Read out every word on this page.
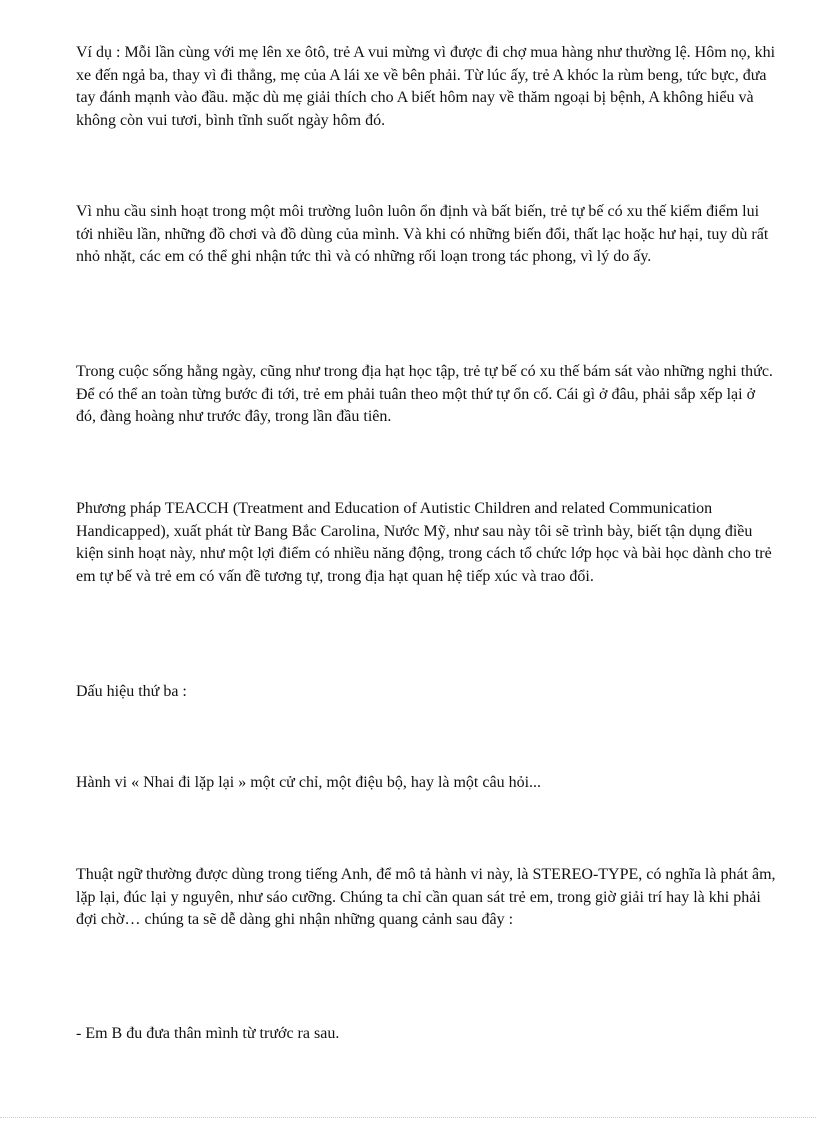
Ví dụ : Mỗi lần cùng với mẹ lên xe ôtô, trẻ A vui mừng vì được đi chợ mua hàng như thường lệ. Hôm nọ, khi xe đến ngả ba, thay vì đi thẳng, mẹ của A lái xe về bên phải. Từ lúc ấy, trẻ A khóc la rùm beng, tức bực, đưa tay đánh mạnh vào đầu. mặc dù mẹ giải thích cho A biết hôm nay về thăm ngoại bị bệnh, A không hiểu và không còn vui tươi, bình tĩnh suốt ngày hôm đó.

Vì nhu cầu sinh hoạt trong một môi trường luôn luôn ổn định và bất biến, trẻ tự bế có xu thế kiểm điểm lui tới nhiều lần, những đồ chơi và đồ dùng của mình. Và khi có những biến đổi, thất lạc hoặc hư hại, tuy dù rất nhỏ nhặt, các em có thể ghi nhận tức thì và có những rối loạn trong tác phong, vì lý do ấy.

Trong cuộc sống hằng ngày, cũng như trong địa hạt học tập, trẻ tự bế có xu thế bám sát vào những nghi thức. Để có thể an toàn từng bước đi tới, trẻ em phải tuân theo một thứ tự ổn cố. Cái gì ở đâu, phải sắp xếp lại ở đó, đàng hoàng như trước đây, trong lần đầu tiên.

Phương pháp TEACCH (Treatment and Education of Autistic Children and related Communication Handicapped), xuất phát từ Bang Bắc Carolina, Nước Mỹ, như sau này tôi sẽ trình bày, biết tận dụng điều kiện sinh hoạt này, như một lợi điểm có nhiều năng động, trong cách tổ chức lớp học và bài học dành cho trẻ em tự bế và trẻ em có vấn đề tương tự, trong địa hạt quan hệ tiếp xúc và trao đổi.

Dấu hiệu thứ ba :

Hành vi « Nhai đi lặp lại » một cử chỉ, một điệu bộ, hay là một câu hỏi...

Thuật ngữ thường được dùng trong tiếng Anh, để mô tả hành vi này, là STEREO-TYPE, có nghĩa là phát âm, lặp lại, đúc lại y nguyên, như sáo cưỡng. Chúng ta chỉ cần quan sát trẻ em, trong giờ giải trí hay là khi phải đợi chờ… chúng ta sẽ dễ dàng ghi nhận những quang cảnh sau đây :

- Em B đu đưa thân mình từ trước ra sau.
